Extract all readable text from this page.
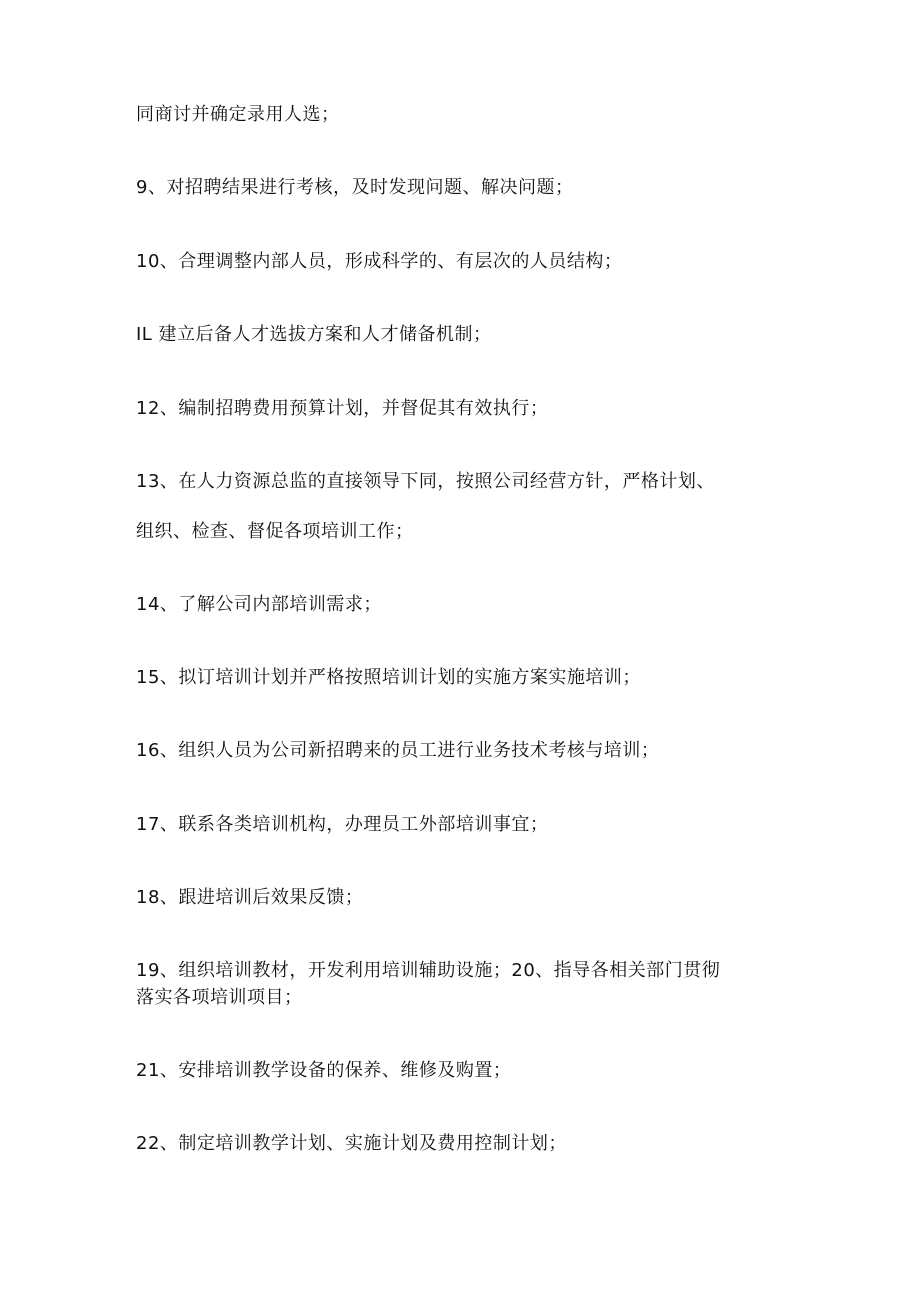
同商讨并确定录用人选；
9、对招聘结果进行考核，及时发现问题、解决问题；
10、合理调整内部人员，形成科学的、有层次的人员结构；
IL 建立后备人才选拔方案和人才储备机制；
12、编制招聘费用预算计划，并督促其有效执行；
13、在人力资源总监的直接领导下同，按照公司经营方针，严格计划、
组织、检查、督促各项培训工作；
14、了解公司内部培训需求；
15、拟订培训计划并严格按照培训计划的实施方案实施培训；
16、组织人员为公司新招聘来的员工进行业务技术考核与培训；
17、联系各类培训机构，办理员工外部培训事宜；
18、跟进培训后效果反馈；
19、组织培训教材，开发利用培训辅助设施；20、指导各相关部门贯彻
落实各项培训项目；
21、安排培训教学设备的保养、维修及购置；
22、制定培训教学计划、实施计划及费用控制计划；
